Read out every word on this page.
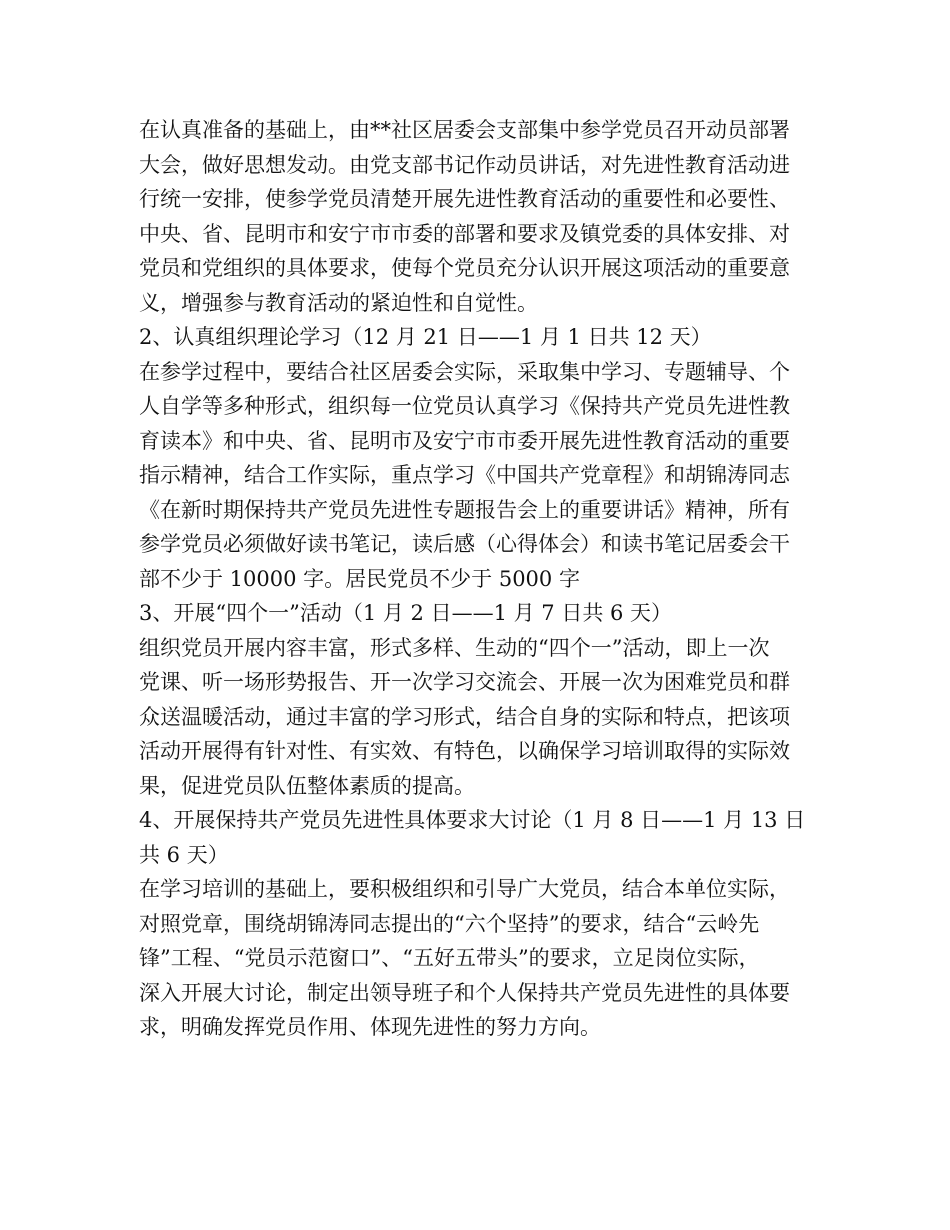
在认真准备的基础上，由**社区居委会支部集中参学党员召开动员部署
大会，做好思想发动。由党支部书记作动员讲话，对先进性教育活动进
行统一安排，使参学党员清楚开展先进性教育活动的重要性和必要性、
中央、省、昆明市和安宁市市委的部署和要求及镇党委的具体安排、对
党员和党组织的具体要求，使每个党员充分认识开展这项活动的重要意
义，增强参与教育活动的紧迫性和自觉性。
2、认真组织理论学习（12 月 21 日——1 月 1 日共 12 天）
在参学过程中，要结合社区居委会实际，采取集中学习、专题辅导、个
人自学等多种形式，组织每一位党员认真学习《保持共产党员先进性教
育读本》和中央、省、昆明市及安宁市市委开展先进性教育活动的重要
指示精神，结合工作实际，重点学习《中国共产党章程》和胡锦涛同志
《在新时期保持共产党员先进性专题报告会上的重要讲话》精神，所有
参学党员必须做好读书笔记，读后感（心得体会）和读书笔记居委会干
部不少于 10000 字。居民党员不少于 5000 字
3、开展“四个一”活动（1 月 2 日——1 月 7 日共 6 天）
组织党员开展内容丰富，形式多样、生动的“四个一”活动，即上一次
党课、听一场形势报告、开一次学习交流会、开展一次为困难党员和群
众送温暖活动，通过丰富的学习形式，结合自身的实际和特点，把该项
活动开展得有针对性、有实效、有特色，以确保学习培训取得的实际效
果，促进党员队伍整体素质的提高。
4、开展保持共产党员先进性具体要求大讨论（1 月 8 日——1 月 13 日
共 6 天）
在学习培训的基础上，要积极组织和引导广大党员，结合本单位实际，
对照党章，围绕胡锦涛同志提出的“六个坚持”的要求，结合“云岭先
锋”工程、“党员示范窗口”、“五好五带头”的要求，立足岗位实际，
深入开展大讨论，制定出领导班子和个人保持共产党员先进性的具体要
求，明确发挥党员作用、体现先进性的努力方向。
